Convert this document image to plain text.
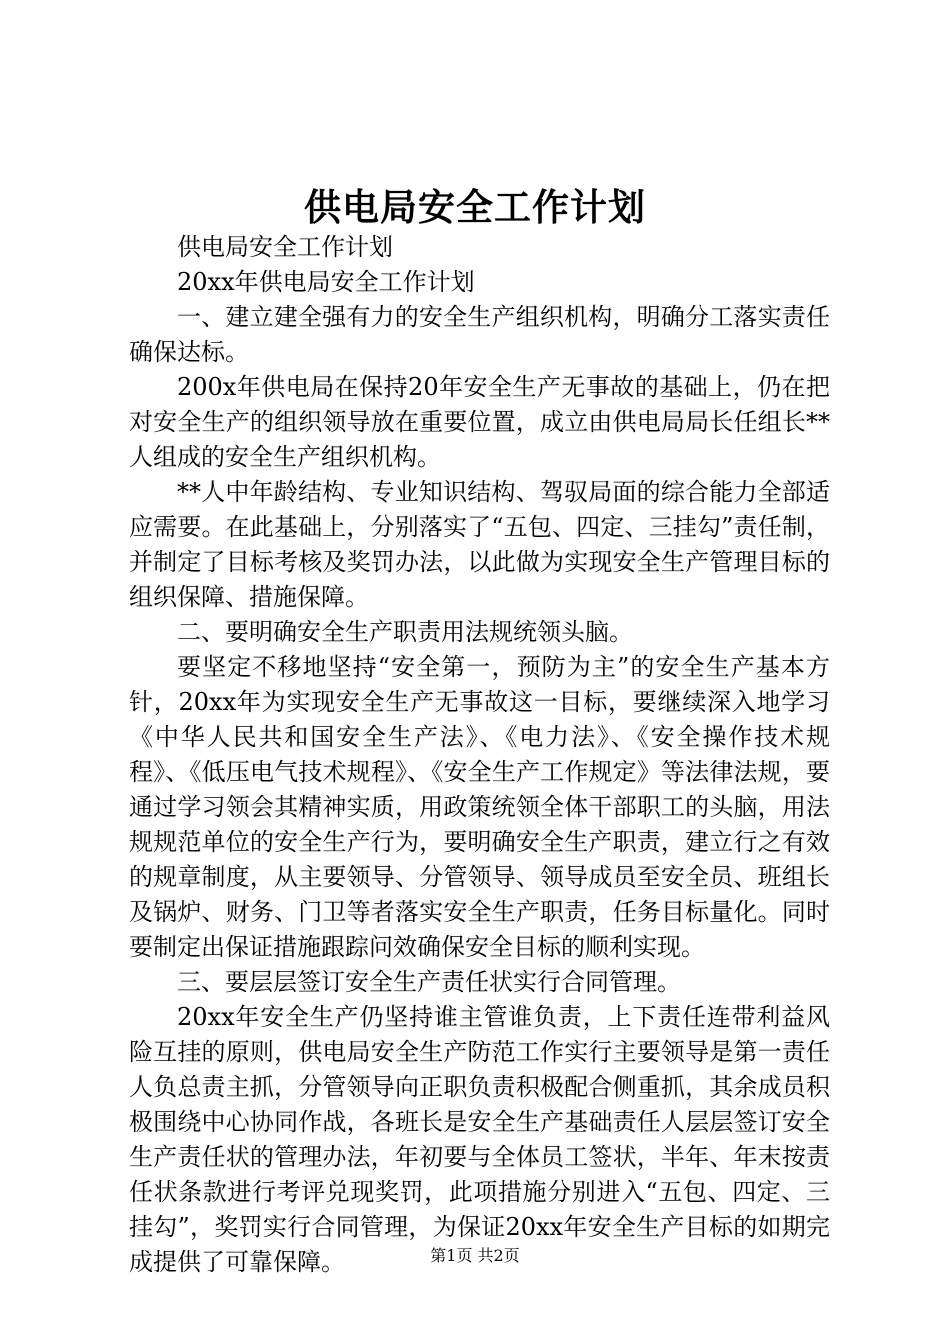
供电局安全工作计划

供电局安全工作计划

20xx年供电局安全工作计划

一、建立建全强有力的安全生产组织机构，明确分工落实责任确保达标。

200x年供电局在保持20年安全生产无事故的基础上，仍在把对安全生产的组织领导放在重要位置，成立由供电局局长任组长**人组成的安全生产组织机构。

**人中年龄结构、专业知识结构、驾驭局面的综合能力全部适应需要。在此基础上，分别落实了“五包、四定、三挂勾”责任制，并制定了目标考核及奖罚办法，以此做为实现安全生产管理目标的组织保障、措施保障。

二、要明确安全生产职责用法规统领头脑。

要坚定不移地坚持“安全第一，预防为主”的安全生产基本方针，20xx年为实现安全生产无事故这一目标，要继续深入地学习《中华人民共和国安全生产法》、《电力法》、《安全操作技术规程》、《低压电气技术规程》、《安全生产工作规定》等法律法规，要通过学习领会其精神实质，用政策统领全体干部职工的头脑，用法规规范单位的安全生产行为，要明确安全生产职责，建立行之有效的规章制度，从主要领导、分管领导、领导成员至安全员、班组长及锅炉、财务、门卫等者落实安全生产职责，任务目标量化。同时要制定出保证措施跟踪问效确保安全目标的顺利实现。

三、要层层签订安全生产责任状实行合同管理。

20xx年安全生产仍坚持谁主管谁负责，上下责任连带利益风险互挂的原则，供电局安全生产防范工作实行主要领导是第一责任人负总责主抓，分管领导向正职负责积极配合侧重抓，其余成员积极围绕中心协同作战，各班长是安全生产基础责任人层层签订安全生产责任状的管理办法，年初要与全体员工签状，半年、年末按责任状条款进行考评兑现奖罚，此项措施分别进入“五包、四定、三挂勾”，奖罚实行合同管理，为保证20xx年安全生产目标的如期完成提供了可靠保障。	第1页 共2页
